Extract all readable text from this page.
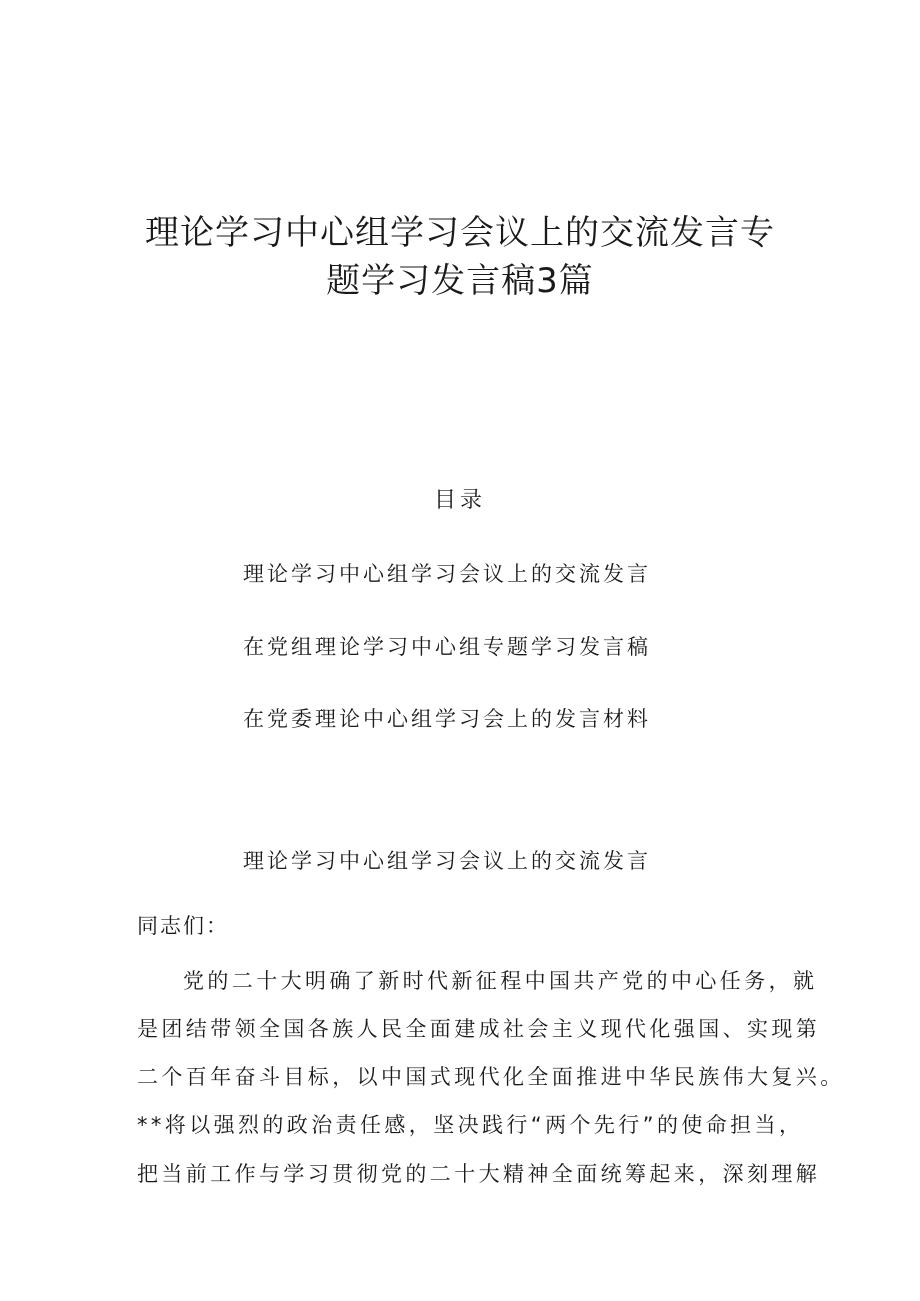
理论学习中心组学习会议上的交流发言专
题学习发言稿3篇
目录
理论学习中心组学习会议上的交流发言
在党组理论学习中心组专题学习发言稿
在党委理论中心组学习会上的发言材料
理论学习中心组学习会议上的交流发言
同志们：
党的二十大明确了新时代新征程中国共产党的中心任务，就
是团结带领全国各族人民全面建成社会主义现代化强国、实现第
二个百年奋斗目标，以中国式现代化全面推进中华民族伟大复兴。
**将以强烈的政治责任感，坚决践行“两个先行”的使命担当，
把当前工作与学习贯彻党的二十大精神全面统筹起来，深刻理解
